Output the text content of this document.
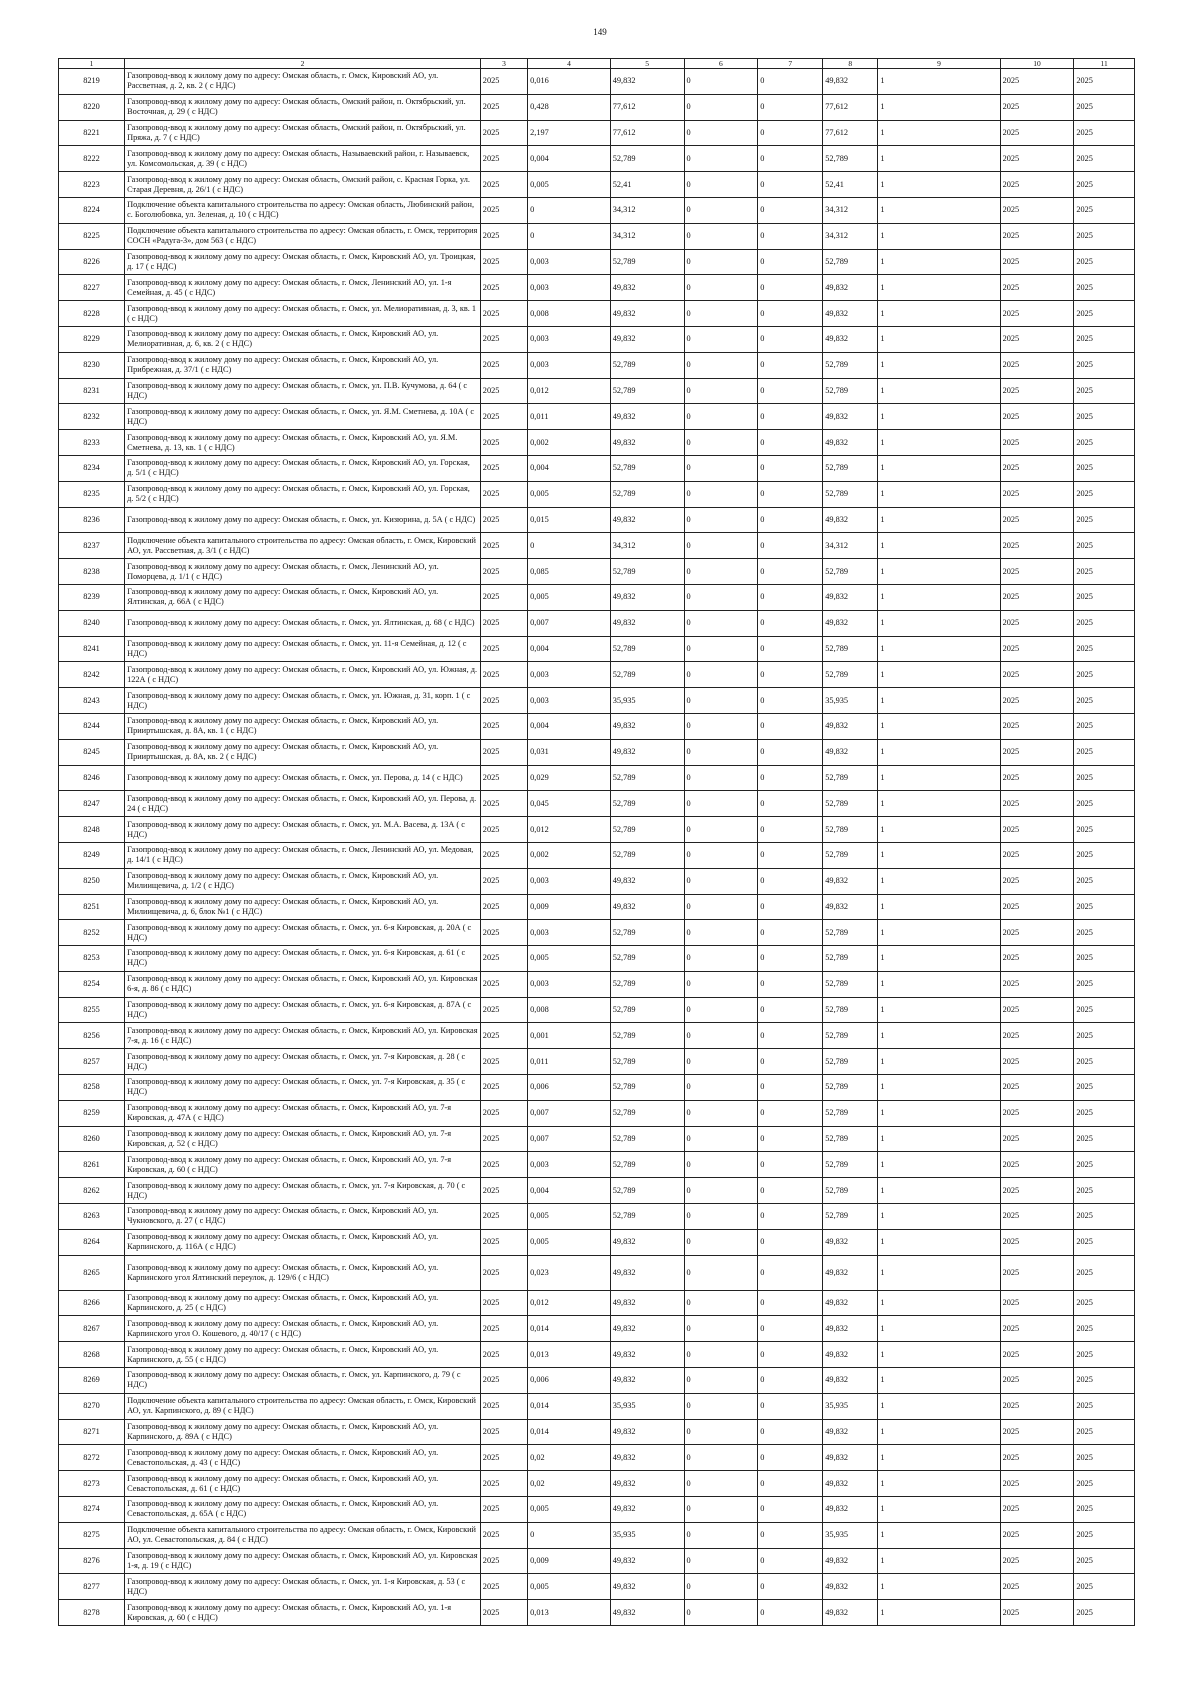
149
1	2	3	4	5	6	7	8	9	10	11
8219	Газопровод-ввод к жилому дому по адресу: Омская область, г. Омск, Кировский АО, ул. Рассветная, д. 2, кв. 2 ( с НДС)	2025	0,016	49,832	0	0	49,832	1	2025	2025
8220	Газопровод-ввод к жилому дому по адресу: Омская область, Омский район, п. Октябрьский, ул. Восточная, д. 29 ( с НДС)	2025	0,428	77,612	0	0	77,612	1	2025	2025
8221	Газопровод-ввод к жилому дому по адресу: Омская область, Омский район, п. Октябрьский, ул. Пряжа, д. 7 ( с НДС)	2025	2,197	77,612	0	0	77,612	1	2025	2025
8222	Газопровод-ввод к жилому дому по адресу: Омская область, Называевский район, г. Называевск, ул. Комсомольская, д. 39 ( с НДС)	2025	0,004	52,789	0	0	52,789	1	2025	2025
8223	Газопровод-ввод к жилому дому по адресу: Омская область, Омский район, с. Красная Горка, ул. Старая Деревня, д. 26/1 ( с НДС)	2025	0,005	52,41	0	0	52,41	1	2025	2025
8224	Подключение объекта капитального строительства по адресу: Омская область, Любинский район, с. Боголюбовка, ул. Зеленая, д. 10 ( с НДС)	2025	0	34,312	0	0	34,312	1	2025	2025
8225	Подключение объекта капитального строительства по адресу: Омская область, г. Омск, территория СОСН «Радуга-3», дом 563 ( с НДС)	2025	0	34,312	0	0	34,312	1	2025	2025
8226	Газопровод-ввод к жилому дому по адресу: Омская область, г. Омск, Кировский АО, ул. Троицкая, д. 17 ( с НДС)	2025	0,003	52,789	0	0	52,789	1	2025	2025
8227	Газопровод-ввод к жилому дому по адресу: Омская область, г. Омск, Ленинский АО, ул. 1-я Семейная, д. 45 ( с НДС)	2025	0,003	49,832	0	0	49,832	1	2025	2025
8228	Газопровод-ввод к жилому дому по адресу: Омская область, г. Омск, ул. Мелиоративная, д. 3, кв. 1 ( с НДС)	2025	0,008	49,832	0	0	49,832	1	2025	2025
8229	Газопровод-ввод к жилому дому по адресу: Омская область, г. Омск, Кировский АО, ул. Мелиоративная, д. 6, кв. 2 ( с НДС)	2025	0,003	49,832	0	0	49,832	1	2025	2025
8230	Газопровод-ввод к жилому дому по адресу: Омская область, г. Омск, Кировский АО, ул. Прибрежная, д. 37/1 ( с НДС)	2025	0,003	52,789	0	0	52,789	1	2025	2025
8231	Газопровод-ввод к жилому дому по адресу: Омская область, г. Омск, ул. П.В. Кучумова, д. 64 ( с НДС)	2025	0,012	52,789	0	0	52,789	1	2025	2025
8232	Газопровод-ввод к жилому дому по адресу: Омская область, г. Омск, ул. Я.М. Сметнева, д. 10А ( с НДС)	2025	0,011	49,832	0	0	49,832	1	2025	2025
8233	Газопровод-ввод к жилому дому по адресу: Омская область, г. Омск, Кировский АО, ул. Я.М. Сметнева, д. 13, кв. 1 ( с НДС)	2025	0,002	49,832	0	0	49,832	1	2025	2025
8234	Газопровод-ввод к жилому дому по адресу: Омская область, г. Омск, Кировский АО, ул. Горская, д. 5/1 ( с НДС)	2025	0,004	52,789	0	0	52,789	1	2025	2025
8235	Газопровод-ввод к жилому дому по адресу: Омская область, г. Омск, Кировский АО, ул. Горская, д. 5/2 ( с НДС)	2025	0,005	52,789	0	0	52,789	1	2025	2025
8236	Газопровод-ввод к жилому дому по адресу: Омская область, г. Омск, ул. Кизюрина, д. 5А ( с НДС)	2025	0,015	49,832	0	0	49,832	1	2025	2025
8237	Подключение объекта капитального строительства по адресу: Омская область, г. Омск, Кировский АО, ул. Рассветная, д. 3/1 ( с НДС)	2025	0	34,312	0	0	34,312	1	2025	2025
8238	Газопровод-ввод к жилому дому по адресу: Омская область, г. Омск, Ленинский АО, ул. Поморцева, д. 1/1 ( с НДС)	2025	0,085	52,789	0	0	52,789	1	2025	2025
8239	Газопровод-ввод к жилому дому по адресу: Омская область, г. Омск, Кировский АО, ул. Ялтинская, д. 66А ( с НДС)	2025	0,005	49,832	0	0	49,832	1	2025	2025
8240	Газопровод-ввод к жилому дому по адресу: Омская область, г. Омск, ул. Ялтинская, д. 68 ( с НДС)	2025	0,007	49,832	0	0	49,832	1	2025	2025
8241	Газопровод-ввод к жилому дому по адресу: Омская область, г. Омск, ул. 11-я Семейная, д. 12 ( с НДС)	2025	0,004	52,789	0	0	52,789	1	2025	2025
8242	Газопровод-ввод к жилому дому по адресу: Омская область, г. Омск, Кировский АО, ул. Южная, д. 122А ( с НДС)	2025	0,003	52,789	0	0	52,789	1	2025	2025
8243	Газопровод-ввод к жилому дому по адресу: Омская область, г. Омск, ул. Южная, д. 31, корп. 1 ( с НДС)	2025	0,003	35,935	0	0	35,935	1	2025	2025
8244	Газопровод-ввод к жилому дому по адресу: Омская область, г. Омск, Кировский АО, ул. Прииртышская, д. 8А, кв. 1 ( с НДС)	2025	0,004	49,832	0	0	49,832	1	2025	2025
8245	Газопровод-ввод к жилому дому по адресу: Омская область, г. Омск, Кировский АО, ул. Прииртышская, д. 8А, кв. 2 ( с НДС)	2025	0,031	49,832	0	0	49,832	1	2025	2025
8246	Газопровод-ввод к жилому дому по адресу: Омская область, г. Омск, ул. Перова, д. 14 ( с НДС)	2025	0,029	52,789	0	0	52,789	1	2025	2025
8247	Газопровод-ввод к жилому дому по адресу: Омская область, г. Омск, Кировский АО, ул. Перова, д. 24 ( с НДС)	2025	0,045	52,789	0	0	52,789	1	2025	2025
8248	Газопровод-ввод к жилому дому по адресу: Омская область, г. Омск, ул. М.А. Васева, д. 13А ( с НДС)	2025	0,012	52,789	0	0	52,789	1	2025	2025
8249	Газопровод-ввод к жилому дому по адресу: Омская область, г. Омск, Ленинский АО, ул. Медовая, д. 14/1 ( с НДС)	2025	0,002	52,789	0	0	52,789	1	2025	2025
8250	Газопровод-ввод к жилому дому по адресу: Омская область, г. Омск, Кировский АО, ул. Милиищевича, д. 1/2 ( с НДС)	2025	0,003	49,832	0	0	49,832	1	2025	2025
8251	Газопровод-ввод к жилому дому по адресу: Омская область, г. Омск, Кировский АО, ул. Милиищевича, д. 6, блок №1 ( с НДС)	2025	0,009	49,832	0	0	49,832	1	2025	2025
8252	Газопровод-ввод к жилому дому по адресу: Омская область, г. Омск, ул. 6-я Кировская, д. 20А ( с НДС)	2025	0,003	52,789	0	0	52,789	1	2025	2025
8253	Газопровод-ввод к жилому дому по адресу: Омская область, г. Омск, ул. 6-я Кировская, д. 61 ( с НДС)	2025	0,005	52,789	0	0	52,789	1	2025	2025
8254	Газопровод-ввод к жилому дому по адресу: Омская область, г. Омск, Кировский АО, ул. Кировская 6-я, д. 86 ( с НДС)	2025	0,003	52,789	0	0	52,789	1	2025	2025
8255	Газопровод-ввод к жилому дому по адресу: Омская область, г. Омск, ул. 6-я Кировская, д. 87А ( с НДС)	2025	0,008	52,789	0	0	52,789	1	2025	2025
8256	Газопровод-ввод к жилому дому по адресу: Омская область, г. Омск, Кировский АО, ул. Кировская 7-я, д. 16 ( с НДС)	2025	0,001	52,789	0	0	52,789	1	2025	2025
8257	Газопровод-ввод к жилому дому по адресу: Омская область, г. Омск, ул. 7-я Кировская, д. 28 ( с НДС)	2025	0,011	52,789	0	0	52,789	1	2025	2025
8258	Газопровод-ввод к жилому дому по адресу: Омская область, г. Омск, ул. 7-я Кировская, д. 35 ( с НДС)	2025	0,006	52,789	0	0	52,789	1	2025	2025
8259	Газопровод-ввод к жилому дому по адресу: Омская область, г. Омск, Кировский АО, ул. 7-я Кировская, д. 47А ( с НДС)	2025	0,007	52,789	0	0	52,789	1	2025	2025
8260	Газопровод-ввод к жилому дому по адресу: Омская область, г. Омск, Кировский АО, ул. 7-я Кировская, д. 52 ( с НДС)	2025	0,007	52,789	0	0	52,789	1	2025	2025
8261	Газопровод-ввод к жилому дому по адресу: Омская область, г. Омск, Кировский АО, ул. 7-я Кировская, д. 60 ( с НДС)	2025	0,003	52,789	0	0	52,789	1	2025	2025
8262	Газопровод-ввод к жилому дому по адресу: Омская область, г. Омск, ул. 7-я Кировская, д. 70 ( с НДС)	2025	0,004	52,789	0	0	52,789	1	2025	2025
8263	Газопровод-ввод к жилому дому по адресу: Омская область, г. Омск, Кировский АО, ул. Чукновского, д. 27 ( с НДС)	2025	0,005	52,789	0	0	52,789	1	2025	2025
8264	Газопровод-ввод к жилому дому по адресу: Омская область, г. Омск, Кировский АО, ул. Карпинского, д. 116А ( с НДС)	2025	0,005	49,832	0	0	49,832	1	2025	2025
8265	Газопровод-ввод к жилому дому по адресу: Омская область, г. Омск, Кировский АО, ул. Карпинского угол Ялтинский переулок, д. 129/6 ( с НДС)	2025	0,023	49,832	0	0	49,832	1	2025	2025
8266	Газопровод-ввод к жилому дому по адресу: Омская область, г. Омск, Кировский АО, ул. Карпинского, д. 25 ( с НДС)	2025	0,012	49,832	0	0	49,832	1	2025	2025
8267	Газопровод-ввод к жилому дому по адресу: Омская область, г. Омск, Кировский АО, ул. Карпинского угол О. Кошевого, д. 40/17 ( с НДС)	2025	0,014	49,832	0	0	49,832	1	2025	2025
8268	Газопровод-ввод к жилому дому по адресу: Омская область, г. Омск, Кировский АО, ул. Карпинского, д. 55 ( с НДС)	2025	0,013	49,832	0	0	49,832	1	2025	2025
8269	Газопровод-ввод к жилому дому по адресу: Омская область, г. Омск, ул. Карпинского, д. 79 ( с НДС)	2025	0,006	49,832	0	0	49,832	1	2025	2025
8270	Подключение объекта капитального строительства по адресу: Омская область, г. Омск, Кировский АО, ул. Карпинского, д. 89 ( с НДС)	2025	0,014	35,935	0	0	35,935	1	2025	2025
8271	Газопровод-ввод к жилому дому по адресу: Омская область, г. Омск, Кировский АО, ул. Карпинского, д. 89А ( с НДС)	2025	0,014	49,832	0	0	49,832	1	2025	2025
8272	Газопровод-ввод к жилому дому по адресу: Омская область, г. Омск, Кировский АО, ул. Севастопольская, д. 43 ( с НДС)	2025	0,02	49,832	0	0	49,832	1	2025	2025
8273	Газопровод-ввод к жилому дому по адресу: Омская область, г. Омск, Кировский АО, ул. Севастопольская, д. 61 ( с НДС)	2025	0,02	49,832	0	0	49,832	1	2025	2025
8274	Газопровод-ввод к жилому дому по адресу: Омская область, г. Омск, Кировский АО, ул. Севастопольская, д. 65А ( с НДС)	2025	0,005	49,832	0	0	49,832	1	2025	2025
8275	Подключение объекта капитального строительства по адресу: Омская область, г. Омск, Кировский АО, ул. Севастопольская, д. 84 ( с НДС)	2025	0	35,935	0	0	35,935	1	2025	2025
8276	Газопровод-ввод к жилому дому по адресу: Омская область, г. Омск, Кировский АО, ул. Кировская 1-я, д. 19 ( с НДС)	2025	0,009	49,832	0	0	49,832	1	2025	2025
8277	Газопровод-ввод к жилому дому по адресу: Омская область, г. Омск, ул. 1-я Кировская, д. 53 ( с НДС)	2025	0,005	49,832	0	0	49,832	1	2025	2025
8278	Газопровод-ввод к жилому дому по адресу: Омская область, г. Омск, Кировский АО, ул. 1-я Кировская, д. 60 ( с НДС)	2025	0,013	49,832	0	0	49,832	1	2025	2025
